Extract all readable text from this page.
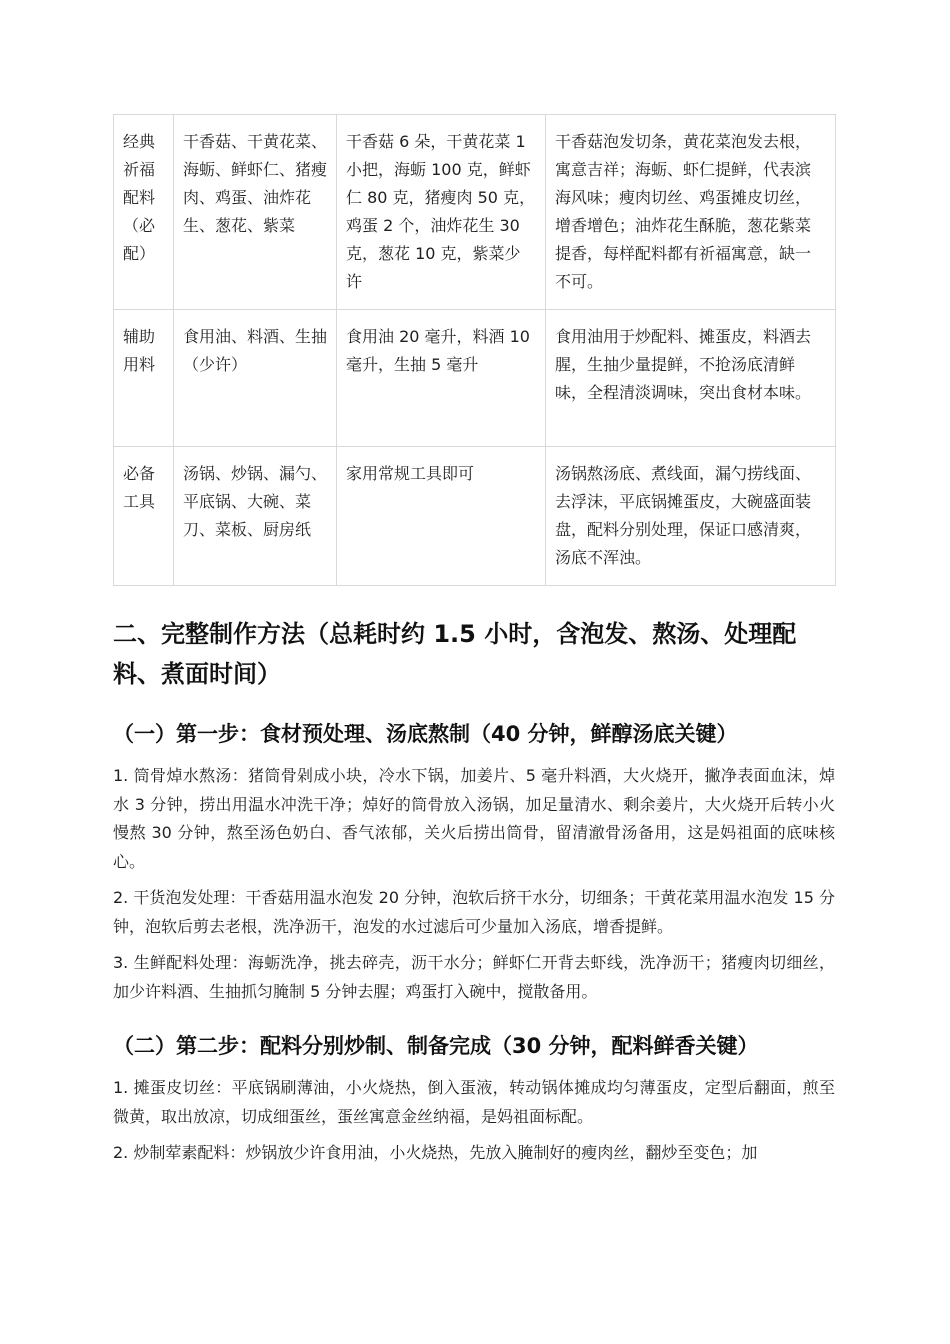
经典祈福配料（必配）	干香菇、干黄花菜、海蛎、鲜虾仁、猪瘦肉、鸡蛋、油炸花生、葱花、紫菜	干香菇 6 朵，干黄花菜 1 小把，海蛎 100 克，鲜虾仁 80 克，猪瘦肉 50 克，鸡蛋 2 个，油炸花生 30 克，葱花 10 克，紫菜少许	干香菇泡发切条，黄花菜泡发去根，寓意吉祥；海蛎、虾仁提鲜，代表滨海风味；瘦肉切丝、鸡蛋摊皮切丝，增香增色；油炸花生酥脆，葱花紫菜提香，每样配料都有祈福寓意，缺一不可。
辅助用料	食用油、料酒、生抽（少许）	食用油 20 毫升，料酒 10 毫升，生抽 5 毫升	食用油用于炒配料、摊蛋皮，料酒去腥，生抽少量提鲜，不抢汤底清鲜味，全程清淡调味，突出食材本味。
必备工具	汤锅、炒锅、漏勺、平底锅、大碗、菜刀、菜板、厨房纸	家用常规工具即可	汤锅熬汤底、煮线面，漏勺捞线面、去浮沫，平底锅摊蛋皮，大碗盛面装盘，配料分别处理，保证口感清爽，汤底不浑浊。
二、完整制作方法（总耗时约 1.5 小时，含泡发、熬汤、处理配料、煮面时间）
（一）第一步：食材预处理、汤底熬制（40 分钟，鲜醇汤底关键）

1. 筒骨焯水熬汤：猪筒骨剁成小块，冷水下锅，加姜片、5 毫升料酒，大火烧开，撇净表面血沫，焯水 3 分钟，捞出用温水冲洗干净；焯好的筒骨放入汤锅，加足量清水、剩余姜片，大火烧开后转小火慢熬 30 分钟，熬至汤色奶白、香气浓郁，关火后捞出筒骨，留清澈骨汤备用，这是妈祖面的底味核心。

2. 干货泡发处理：干香菇用温水泡发 20 分钟，泡软后挤干水分，切细条；干黄花菜用温水泡发 15 分钟，泡软后剪去老根，洗净沥干，泡发的水过滤后可少量加入汤底，增香提鲜。

3. 生鲜配料处理：海蛎洗净，挑去碎壳，沥干水分；鲜虾仁开背去虾线，洗净沥干；猪瘦肉切细丝，加少许料酒、生抽抓匀腌制 5 分钟去腥；鸡蛋打入碗中，搅散备用。

（二）第二步：配料分别炒制、制备完成（30 分钟，配料鲜香关键）

1. 摊蛋皮切丝：平底锅刷薄油，小火烧热，倒入蛋液，转动锅体摊成均匀薄蛋皮，定型后翻面，煎至微黄，取出放凉，切成细蛋丝，蛋丝寓意金丝纳福，是妈祖面标配。

2. 炒制荤素配料：炒锅放少许食用油，小火烧热，先放入腌制好的瘦肉丝，翻炒至变色；加
